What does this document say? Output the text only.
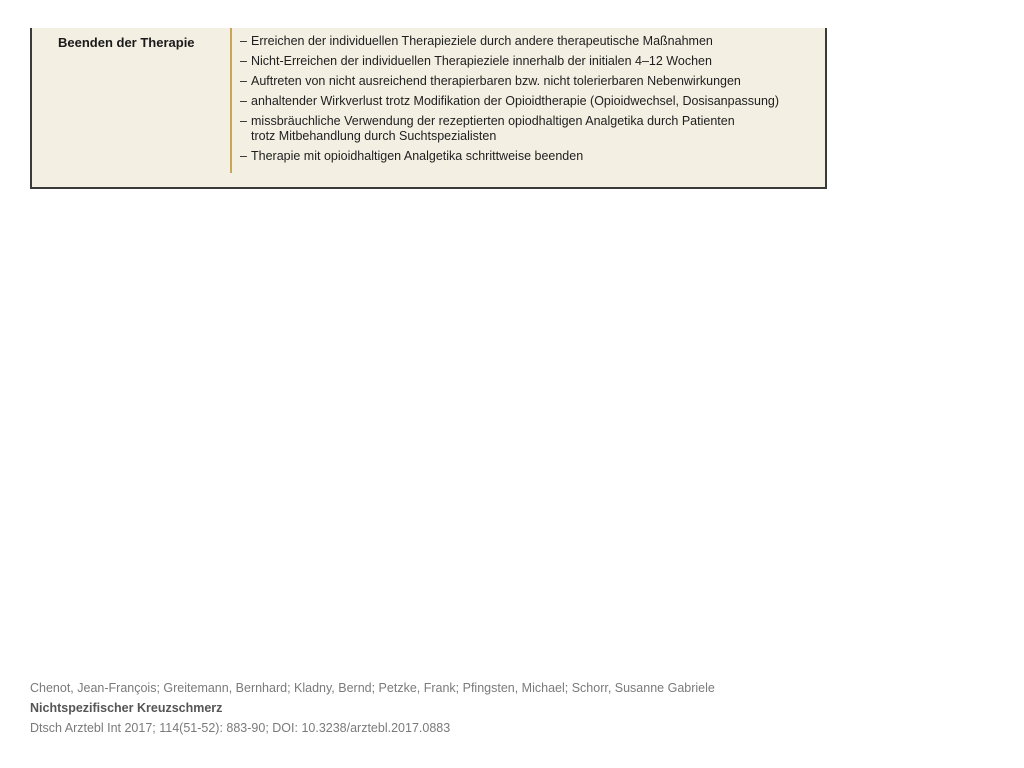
Beenden der Therapie	– Erreichen der individuellen Therapieziele durch andere therapeutische Maßnahmen
– Nicht-Erreichen der individuellen Therapieziele innerhalb der initialen 4–12 Wochen
– Auftreten von nicht ausreichend therapierbaren bzw. nicht tolerierbaren Nebenwirkungen
– anhaltender Wirkverlust trotz Modifikation der Opioidtherapie (Opioidwechsel, Dosisanpassung)
– missbräuchliche Verwendung der rezeptierten opiodhaltigen Analgetika durch Patienten
trotz Mitbehandlung durch Suchtspezialisten
– Therapie mit opioidhaltigen Analgetika schrittweise beenden
Chenot, Jean-François; Greitemann, Bernhard; Kladny, Bernd; Petzke, Frank; Pfingsten, Michael; Schorr, Susanne Gabriele
Nichtspezifischer Kreuzschmerz
Dtsch Arztebl Int 2017; 114(51-52): 883-90; DOI: 10.3238/arztebl.2017.0883
